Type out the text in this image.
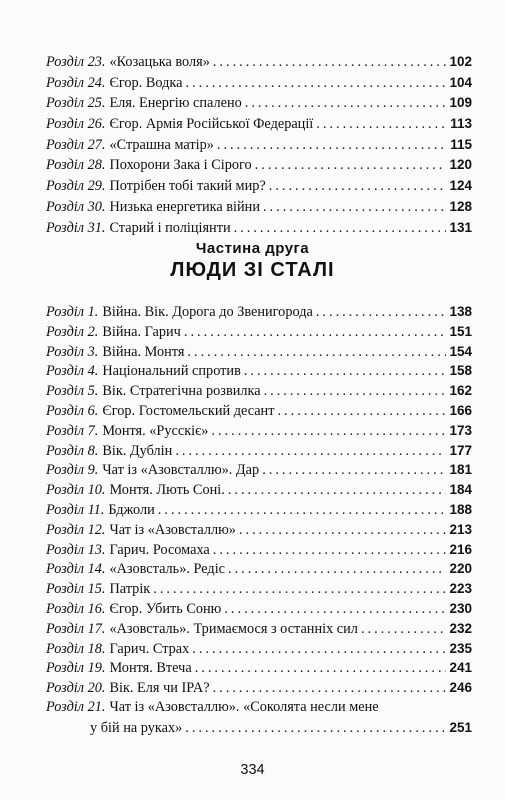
Розділ 23. «Козацька воля» .....	102
Розділ 24. Єгор. Водка .....	104
Розділ 25. Еля. Енергію спалено .....	109
Розділ 26. Єгор. Армія Російської Федерації .....	113
Розділ 27. «Страшна матір» .....	115
Розділ 28. Похорони Зака і Сірого .....	120
Розділ 29. Потрібен тобі такий мир? .....	124
Розділ 30. Низька енергетика війни .....	128
Розділ 31. Старий і поліціянти .....	131
Частина друга
ЛЮДИ ЗІ СТАЛІ
Розділ 1. Війна. Вік. Дорога до Звенигорода .....	138
Розділ 2. Війна. Гарич .....	151
Розділ 3. Війна. Монтя .....	154
Розділ 4. Національний спротив .....	158
Розділ 5. Вік. Стратегічна розвилка .....	162
Розділ 6. Єгор. Гостомельский десант .....	166
Розділ 7. Монтя. «Русскіє» .....	173
Розділ 8. Вік. Дублін .....	177
Розділ 9. Чат із «Азовсталлю». Дар .....	181
Розділ 10. Монтя. Лють Соні. .....	184
Розділ 11. Бджоли .....	188
Розділ 12. Чат із «Азовсталлю» .....	213
Розділ 13. Гарич. Росомаха .....	216
Розділ 14. «Азовсталь». Редіс .....	220
Розділ 15. Патрік .....	223
Розділ 16. Єгор. Убить Соню .....	230
Розділ 17. «Азовсталь». Тримаємося з останніх сил .....	232
Розділ 18. Гарич. Страх .....	235
Розділ 19. Монтя. Втеча .....	241
Розділ 20. Вік. Еля чи IPA? .....	246
Розділ 21. Чат із «Азовсталлю». «Соколята несли мене
у бій на руках» .....	251
334
